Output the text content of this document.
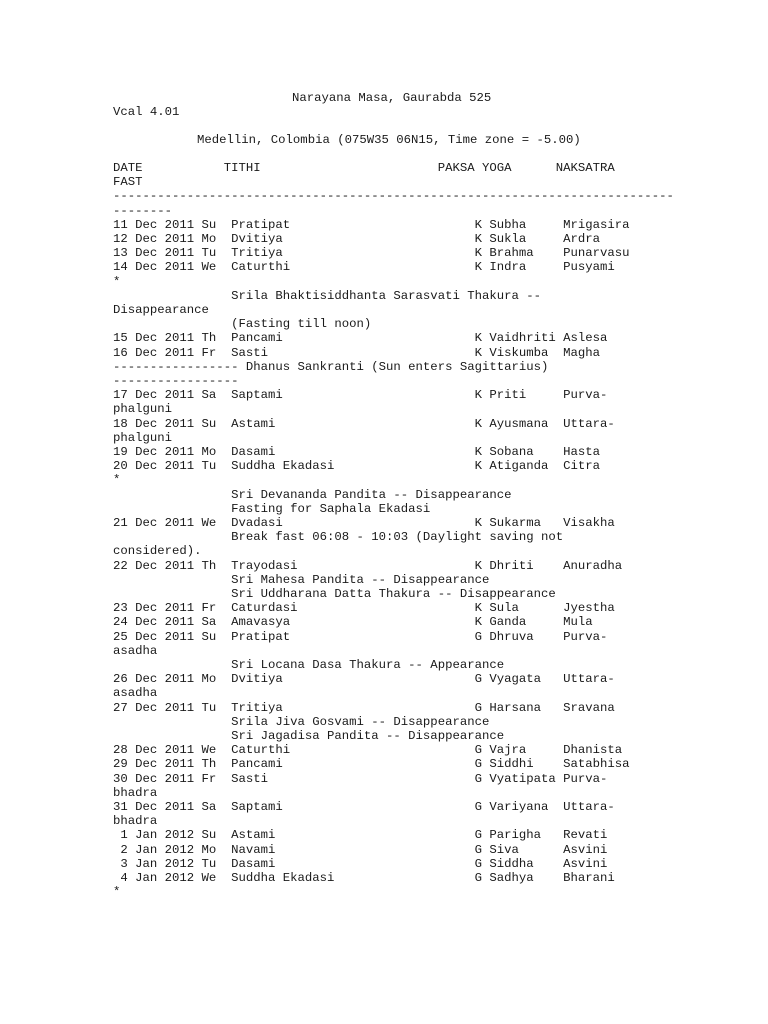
Narayana Masa, Gaurabda 525
Vcal 4.01
Medellin, Colombia (075W35 06N15, Time zone = -5.00)
DATE           TITHI                        PAKSA YOGA      NAKSATRA
FAST
----------------------------------------------------------------------------
--------
11 Dec 2011 Su  Pratipat                         K Subha     Mrigasira
12 Dec 2011 Mo  Dvitiya                          K Sukla     Ardra
13 Dec 2011 Tu  Tritiya                          K Brahma    Punarvasu
14 Dec 2011 We  Caturthi                         K Indra     Pusyami
*
Srila Bhaktisiddhanta Sarasvati Thakura --
Disappearance
(Fasting till noon)
15 Dec 2011 Th  Pancami                          K Vaidhriti Aslesa
16 Dec 2011 Fr  Sasti                            K Viskumba  Magha
----------------- Dhanus Sankranti (Sun enters Sagittarius)
-----------------
17 Dec 2011 Sa  Saptami                          K Priti     Purva-
phalguni
18 Dec 2011 Su  Astami                           K Ayusmana  Uttara-
phalguni
19 Dec 2011 Mo  Dasami                           K Sobana    Hasta
20 Dec 2011 Tu  Suddha Ekadasi                   K Atiganda  Citra
*
Sri Devananda Pandita -- Disappearance
Fasting for Saphala Ekadasi
21 Dec 2011 We  Dvadasi                          K Sukarma   Visakha
Break fast 06:08 - 10:03 (Daylight saving not
considered).
22 Dec 2011 Th  Trayodasi                        K Dhriti    Anuradha
Sri Mahesa Pandita -- Disappearance
Sri Uddharana Datta Thakura -- Disappearance
23 Dec 2011 Fr  Caturdasi                        K Sula      Jyestha
24 Dec 2011 Sa  Amavasya                         K Ganda     Mula
25 Dec 2011 Su  Pratipat                         G Dhruva    Purva-
asadha
Sri Locana Dasa Thakura -- Appearance
26 Dec 2011 Mo  Dvitiya                          G Vyagata   Uttara-
asadha
27 Dec 2011 Tu  Tritiya                          G Harsana   Sravana
Srila Jiva Gosvami -- Disappearance
Sri Jagadisa Pandita -- Disappearance
28 Dec 2011 We  Caturthi                         G Vajra     Dhanista
29 Dec 2011 Th  Pancami                          G Siddhi    Satabhisa
30 Dec 2011 Fr  Sasti                            G Vyatipata Purva-
bhadra
31 Dec 2011 Sa  Saptami                          G Variyana  Uttara-
bhadra
1 Jan 2012 Su  Astami                           G Parigha   Revati
2 Jan 2012 Mo  Navami                           G Siva      Asvini
3 Jan 2012 Tu  Dasami                           G Siddha    Asvini
4 Jan 2012 We  Suddha Ekadasi                   G Sadhya    Bharani
*
